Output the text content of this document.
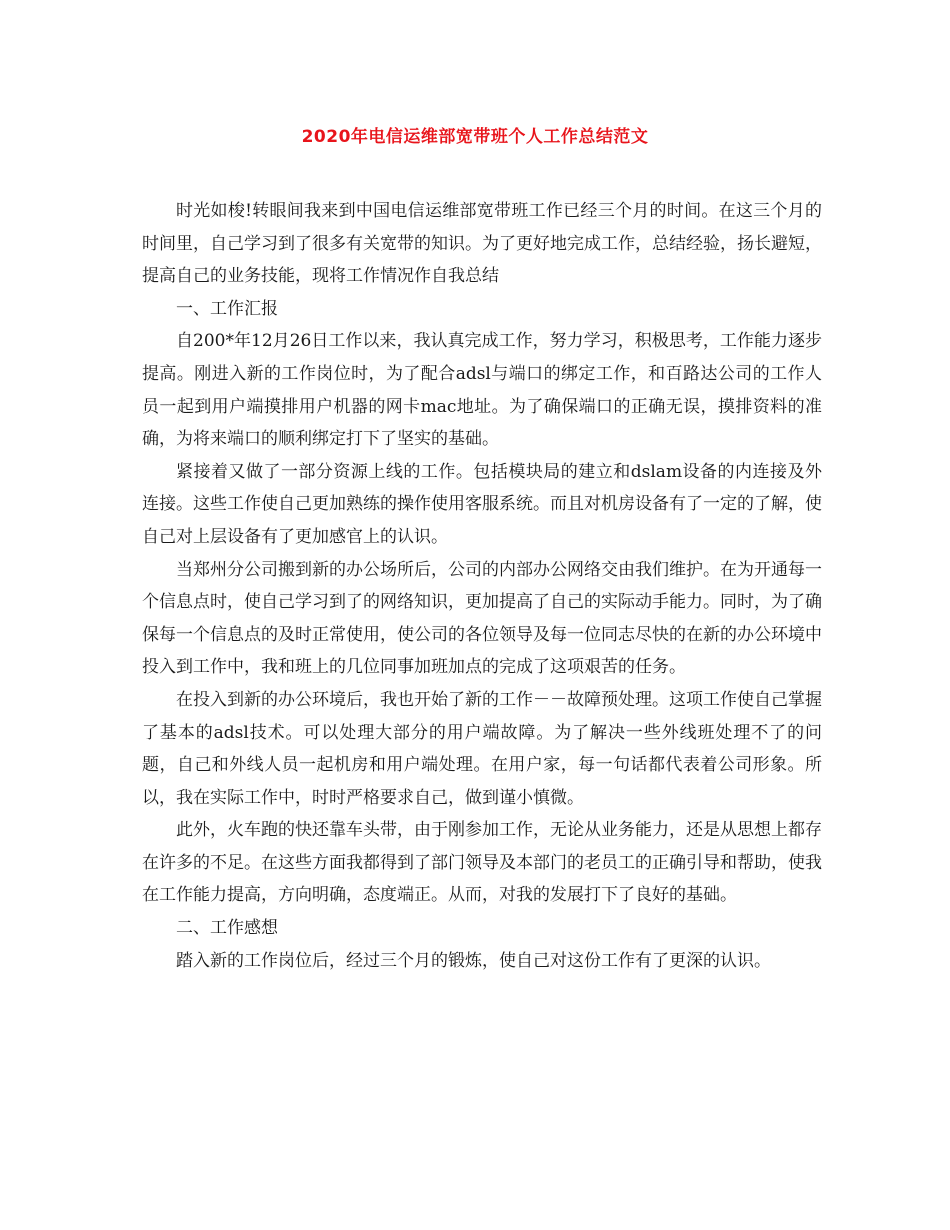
2020年电信运维部宽带班个人工作总结范文

时光如梭!转眼间我来到中国电信运维部宽带班工作已经三个月的时间。在这三个月的时间里，自己学习到了很多有关宽带的知识。为了更好地完成工作，总结经验，扬长避短，提高自己的业务技能，现将工作情况作自我总结

一、工作汇报

自200*年12月26日工作以来，我认真完成工作，努力学习，积极思考，工作能力逐步提高。刚进入新的工作岗位时，为了配合adsl与端口的绑定工作，和百路达公司的工作人员一起到用户端摸排用户机器的网卡mac地址。为了确保端口的正确无误，摸排资料的准确，为将来端口的顺利绑定打下了坚实的基础。

紧接着又做了一部分资源上线的工作。包括模块局的建立和dslam设备的内连接及外连接。这些工作使自己更加熟练的操作使用客服系统。而且对机房设备有了一定的了解，使自己对上层设备有了更加感官上的认识。

当郑州分公司搬到新的办公场所后，公司的内部办公网络交由我们维护。在为开通每一个信息点时，使自己学习到了的网络知识，更加提高了自己的实际动手能力。同时，为了确保每一个信息点的及时正常使用，使公司的各位领导及每一位同志尽快的在新的办公环境中投入到工作中，我和班上的几位同事加班加点的完成了这项艰苦的任务。

在投入到新的办公环境后，我也开始了新的工作－－故障预处理。这项工作使自己掌握了基本的adsl技术。可以处理大部分的用户端故障。为了解决一些外线班处理不了的问题，自己和外线人员一起机房和用户端处理。在用户家，每一句话都代表着公司形象。所以，我在实际工作中，时时严格要求自己，做到谨小慎微。

此外，火车跑的快还靠车头带，由于刚参加工作，无论从业务能力，还是从思想上都存在许多的不足。在这些方面我都得到了部门领导及本部门的老员工的正确引导和帮助，使我在工作能力提高，方向明确，态度端正。从而，对我的发展打下了良好的基础。

二、工作感想

踏入新的工作岗位后，经过三个月的锻炼，使自己对这份工作有了更深的认识。
